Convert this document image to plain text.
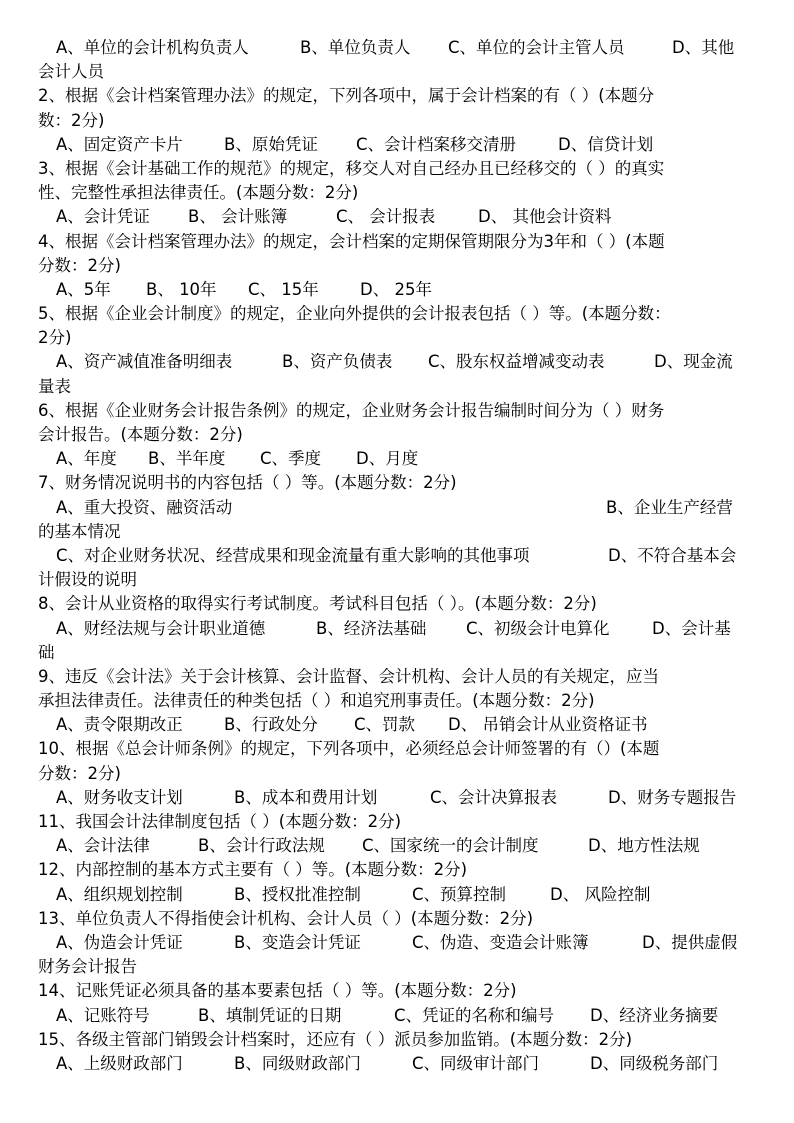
A、单位的会计机构负责人	B、单位负责人 C、单位的会计主管人员	D、其他
会计人员
2、根据《会计档案管理办法》的规定，下列各项中，属于会计档案的有（ ）(本题分
数：2分)
A、固定资产卡片 B、原始凭证 C、会计档案移交清册	D、信贷计划
3、根据《会计基础工作的规范》的规定，移交人对自己经办且已经移交的（ ）的真实
性、完整性承担法律责任。(本题分数：2分)
A、会计凭证 B、 会计账簿	C、 会计报表	D、 其他会计资料
4、根据《会计档案管理办法》的规定，会计档案的定期保管期限分为3年和（ ）(本题
分数：2分)
A、5年 B、 10年 C、 15年 D、 25年
5、根据《企业会计制度》的规定，企业向外提供的会计报表包括（ ）等。(本题分数：
2分)
A、资产减值准备明细表	B、资产负债表 C、股东权益增减变动表	D、现金流
量表
6、根据《企业财务会计报告条例》的规定，企业财务会计报告编制时间分为（ ）财务
会计报告。(本题分数：2分)
A、年度 B、半年度 C、季度 D、月度
7、财务情况说明书的内容包括（ ）等。(本题分数：2分)
A、重大投资、融资活动	B、企业生产经营
的基本情况
C、对企业财务状况、经营成果和现金流量有重大影响的其他事项	D、不符合基本会
计假设的说明
8、会计从业资格的取得实行考试制度。考试科目包括（ ）。(本题分数：2分)
A、财经法规与会计职业道德	B、经济法基础 C、初级会计电算化	D、会计基
础
9、违反《会计法》关于会计核算、会计监督、会计机构、会计人员的有关规定，应当
承担法律责任。法律责任的种类包括（ ）和追究刑事责任。(本题分数：2分)
A、责令限期改正 B、行政处分 C、罚款 D、 吊销会计从业资格证书
10、根据《总会计师条例》的规定，下列各项中，必须经总会计师签署的有（）(本题
分数：2分)
A、财务收支计划	B、成本和费用计划	C、会计决算报表	D、财务专题报告
11、我国会计法律制度包括（ ）(本题分数：2分)
A、会计法律	B、会计行政法规 C、国家统一的会计制度	D、地方性法规
12、内部控制的基本方式主要有（ ）等。(本题分数：2分)
A、组织规划控制	B、授权批准控制	C、预算控制	D、 风险控制
13、单位负责人不得指使会计机构、会计人员（ ）(本题分数：2分)
A、伪造会计凭证	B、变造会计凭证	C、伪造、变造会计账簿	D、提供虚假
财务会计报告
14、记账凭证必须具备的基本要素包括（ ）等。(本题分数：2分)
A、记账符号	B、填制凭证的日期	C、凭证的名称和编号 D、经济业务摘要
15、各级主管部门销毁会计档案时，还应有（ ）派员参加监销。(本题分数：2分)
A、上级财政部门	B、同级财政部门	C、同级审计部门	D、同级税务部门
